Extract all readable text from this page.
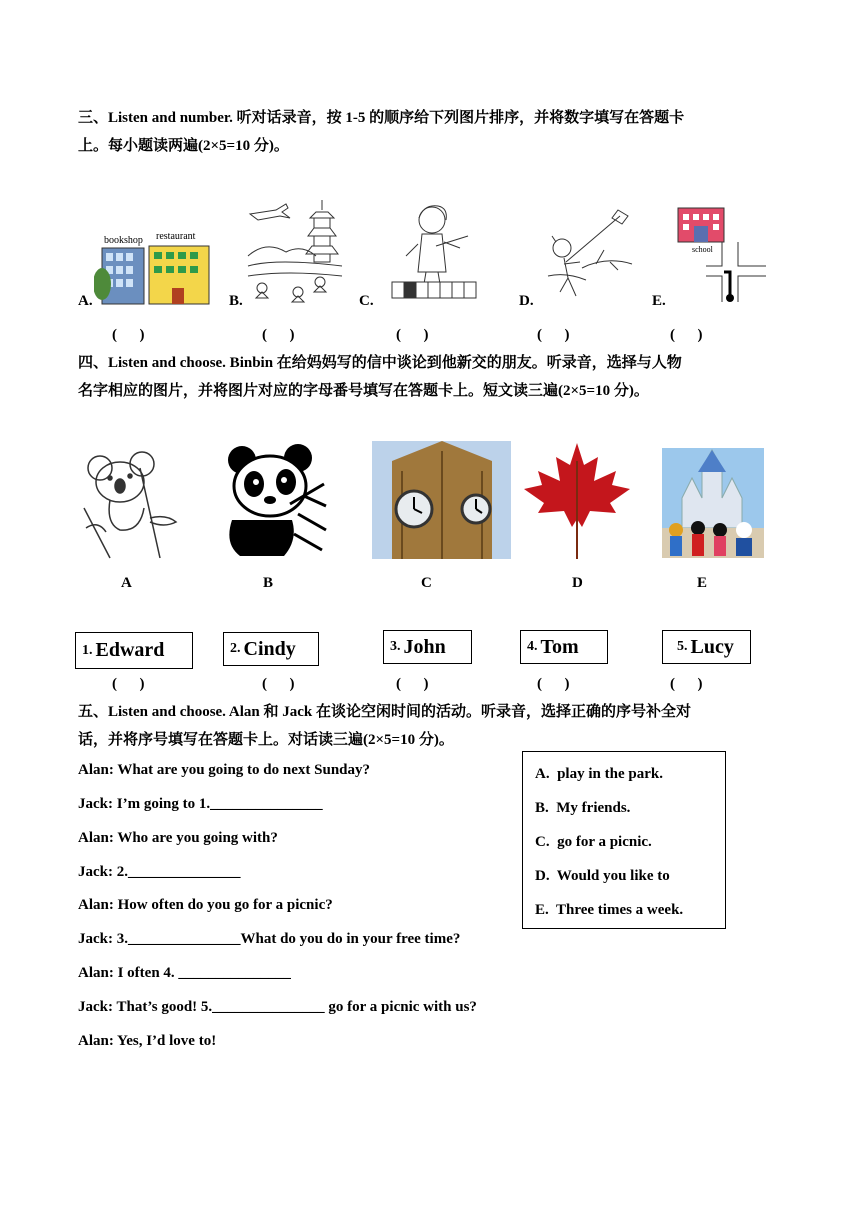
三、Listen and number. 听对话录音，按 1-5 的顺序给下列图片排序，并将数字填写在答题卡
上。每小题读两遍(2×5=10 分)。
bookshop restaurant
school
A.	B.	C.	D.	E.
(      )	(      )	(      )	(      )	(      )
四、Listen and choose. Binbin 在给妈妈写的信中谈论到他新交的朋友。听录音，选择与人物
名字相应的图片，并将图片对应的字母番号填写在答题卡上。短文读三遍(2×5=10 分)。
A	B	C	D	E
1. Edward	2. Cindy	3. John	4. Tom	5. Lucy
(      )	(      )	(      )	(      )	(      )
五、Listen and choose. Alan 和 Jack 在谈论空闲时间的活动。听录音，选择正确的序号补全对
话，并将序号填写在答题卡上。对话读三遍(2×5=10 分)。
Alan: What are you going to do next Sunday?
Jack: I’m going to 1._______________
Alan: Who are you going with?
Jack: 2._______________
Alan: How often do you go for a picnic?
Jack: 3._______________What do you do in your free time?
Alan: I often 4. _______________
Jack: That’s good! 5._______________ go for a picnic with us?
Alan: Yes, I’d love to!
A.  play in the park.
B.  My friends.
C.  go for a picnic.
D.  Would you like to
E.  Three times a week.
